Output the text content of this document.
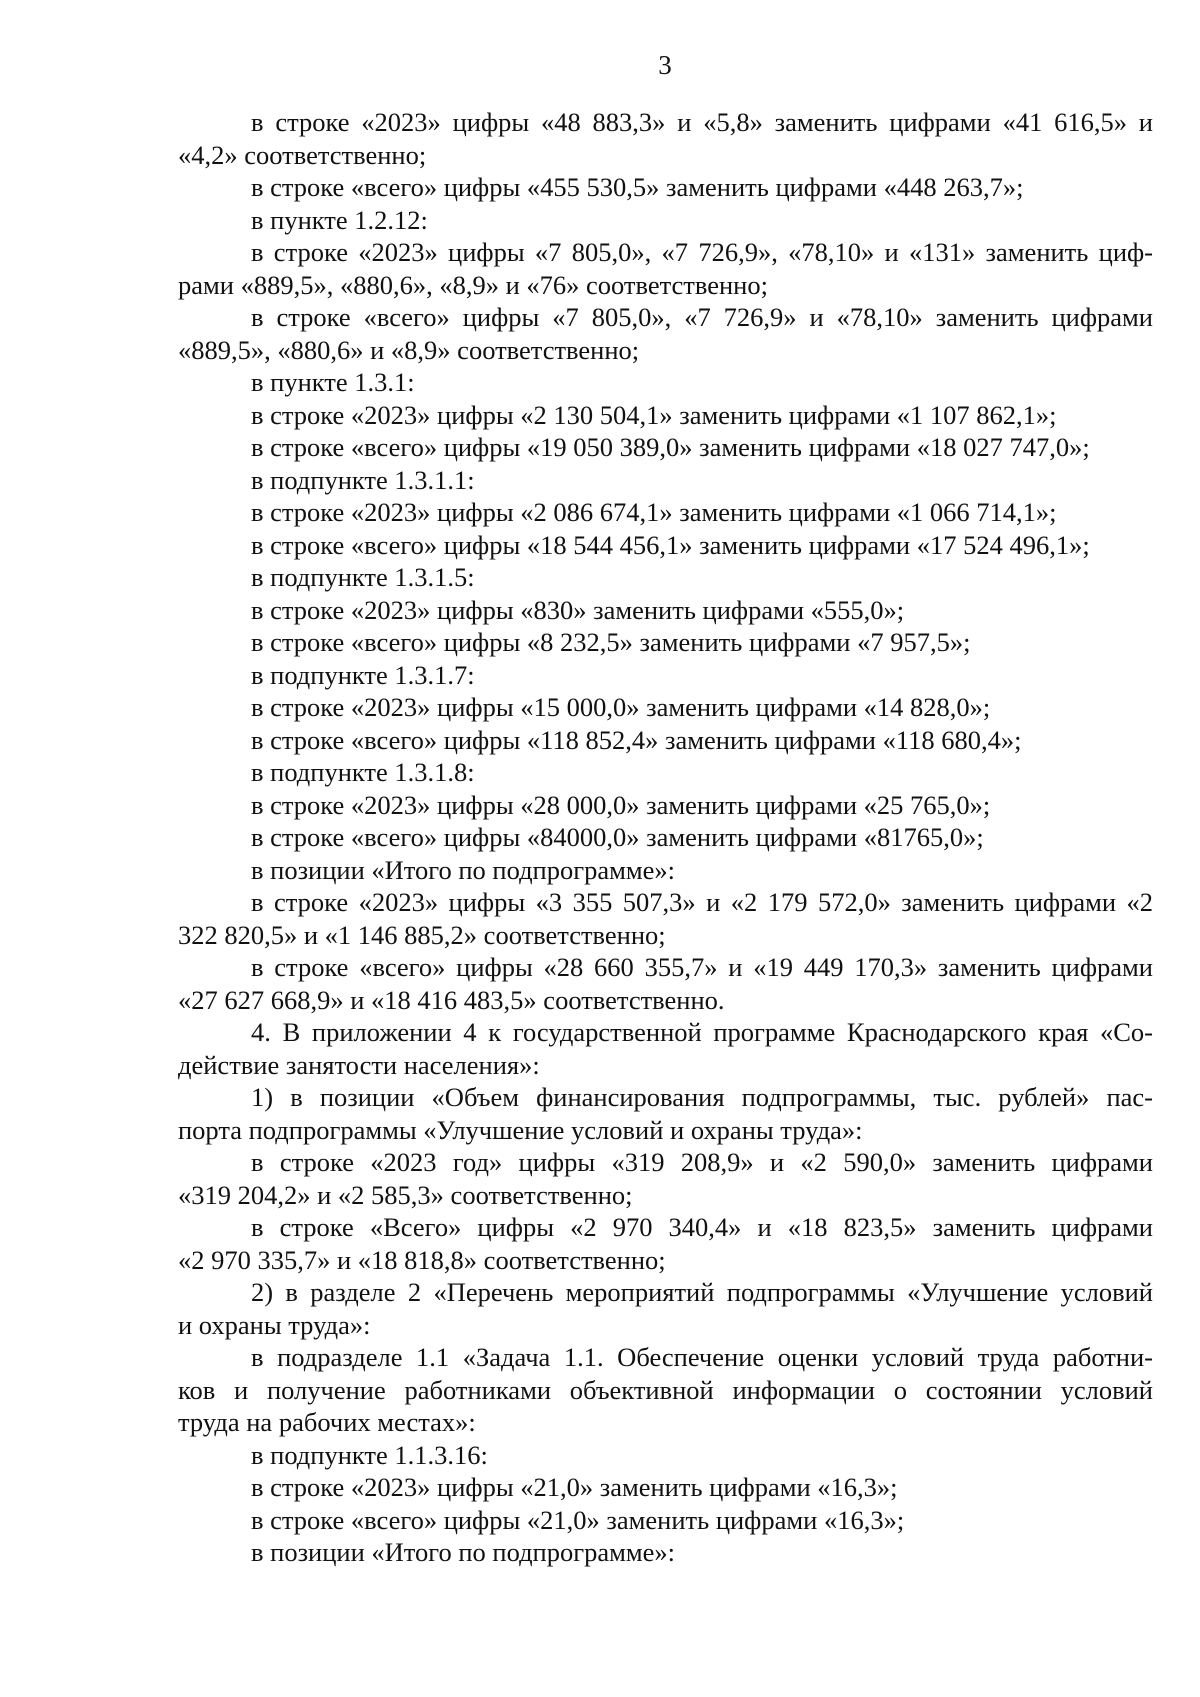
3
в строке «2023» цифры «48 883,3» и «5,8» заменить цифрами «41 616,5» и
«4,2» соответственно;
в строке «всего» цифры «455 530,5» заменить цифрами «448 263,7»;
в пункте 1.2.12:
в строке «2023» цифры «7 805,0», «7 726,9», «78,10» и «131» заменить циф-
рами «889,5», «880,6», «8,9» и «76» соответственно;
в строке «всего» цифры «7 805,0», «7 726,9» и «78,10» заменить цифрами
«889,5», «880,6» и «8,9» соответственно;
в пункте 1.3.1:
в строке «2023» цифры «2 130 504,1» заменить цифрами «1 107 862,1»;
в строке «всего» цифры «19 050 389,0» заменить цифрами «18 027 747,0»;
в подпункте 1.3.1.1:
в строке «2023» цифры «2 086 674,1» заменить цифрами «1 066 714,1»;
в строке «всего» цифры «18 544 456,1» заменить цифрами «17 524 496,1»;
в подпункте 1.3.1.5:
в строке «2023» цифры «830» заменить цифрами «555,0»;
в строке «всего» цифры «8 232,5» заменить цифрами «7 957,5»;
в подпункте 1.3.1.7:
в строке «2023» цифры «15 000,0» заменить цифрами «14 828,0»;
в строке «всего» цифры «118 852,4» заменить цифрами «118 680,4»;
в подпункте 1.3.1.8:
в строке «2023» цифры «28 000,0» заменить цифрами «25 765,0»;
в строке «всего» цифры «84000,0» заменить цифрами «81765,0»;
в позиции «Итого по подпрограмме»:
в строке «2023» цифры «3 355 507,3» и «2 179 572,0» заменить цифрами «2
322 820,5» и «1 146 885,2» соответственно;
в строке «всего» цифры «28 660 355,7» и «19 449 170,3» заменить цифрами
«27 627 668,9» и «18 416 483,5» соответственно.
4. В приложении 4 к государственной программе Краснодарского края «Со-
действие занятости населения»:
1) в позиции «Объем финансирования подпрограммы, тыс. рублей» пас-
порта подпрограммы «Улучшение условий и охраны труда»:
в строке «2023 год» цифры «319 208,9» и «2 590,0» заменить цифрами
«319 204,2» и «2 585,3» соответственно;
в строке «Всего» цифры «2 970 340,4» и «18 823,5» заменить цифрами
«2 970 335,7» и «18 818,8» соответственно;
2) в разделе 2 «Перечень мероприятий подпрограммы «Улучшение условий
и охраны труда»:
в подразделе 1.1 «Задача 1.1. Обеспечение оценки условий труда работни-
ков и получение работниками объективной информации о состоянии условий
труда на рабочих местах»:
в подпункте 1.1.3.16:
в строке «2023» цифры «21,0» заменить цифрами «16,3»;
в строке «всего» цифры «21,0» заменить цифрами «16,3»;
в позиции «Итого по подпрограмме»:
